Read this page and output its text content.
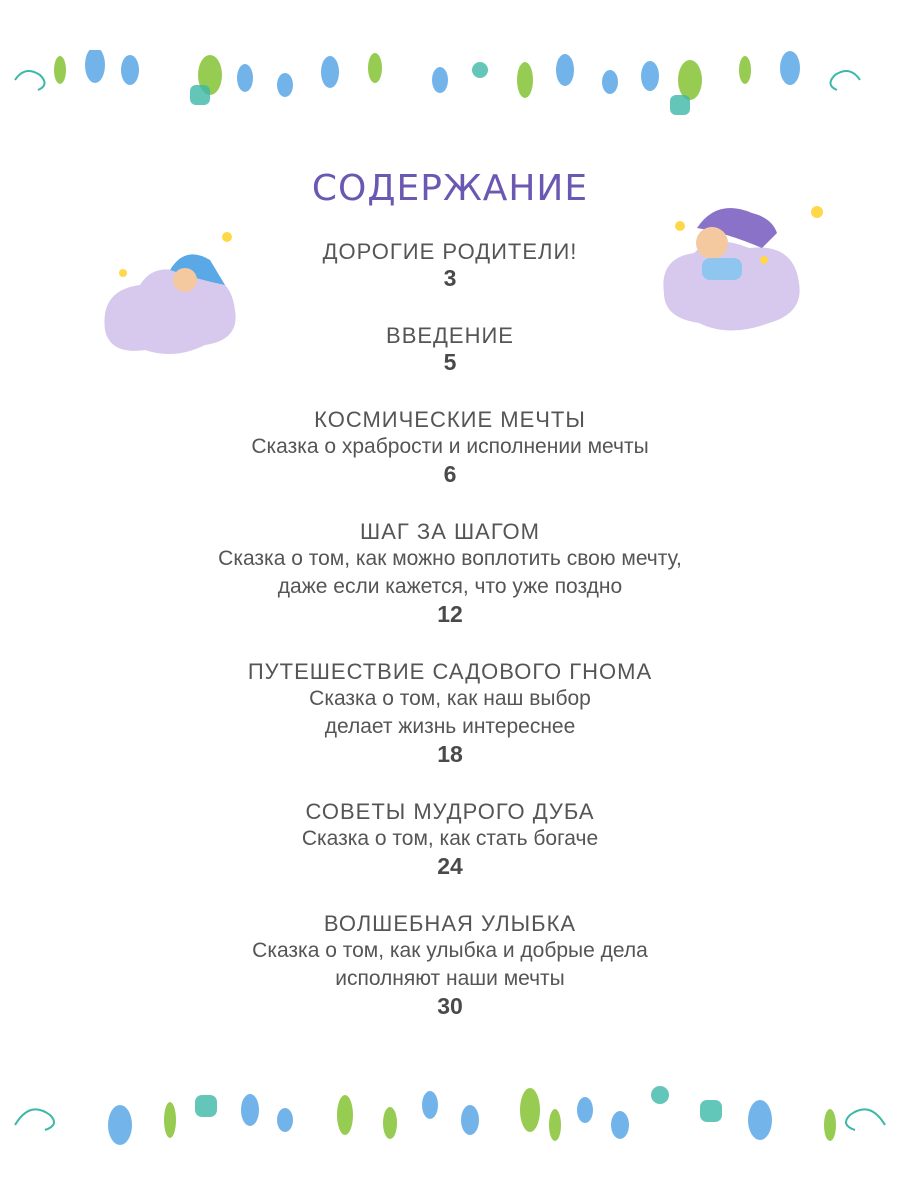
СОДЕРЖАНИЕ
ДОРОГИЕ РОДИТЕЛИ!
3
ВВЕДЕНИЕ
5
КОСМИЧЕСКИЕ МЕЧТЫ
Сказка о храбрости и исполнении мечты
6
ШАГ ЗА ШАГОМ
Сказка о том, как можно воплотить свою мечту,
даже если кажется, что уже поздно
12
ПУТЕШЕСТВИЕ САДОВОГО ГНОМА
Сказка о том, как наш выбор
делает жизнь интереснее
18
СОВЕТЫ МУДРОГО ДУБА
Сказка о том, как стать богаче
24
ВОЛШЕБНАЯ УЛЫБКА
Сказка о том, как улыбка и добрые дела
исполняют наши мечты
30
